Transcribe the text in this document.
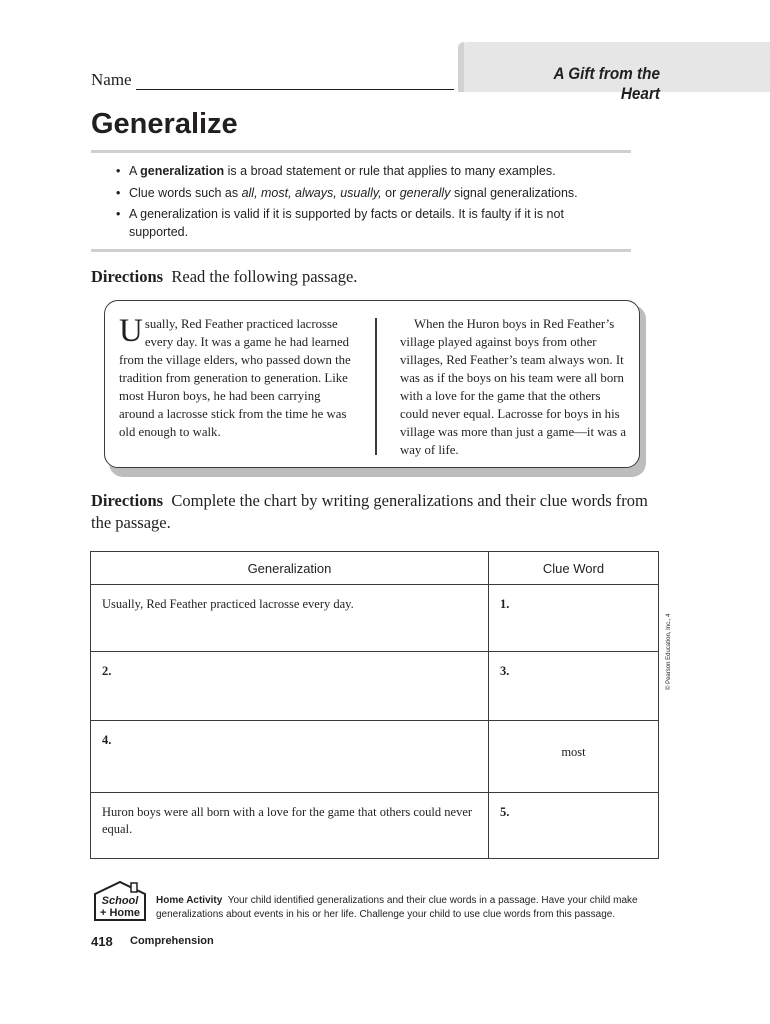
Name	A Gift from the Heart
Generalize
• A generalization is a broad statement or rule that applies to many examples.
• Clue words such as all, most, always, usually, or generally signal generalizations.
• A generalization is valid if it is supported by facts or details. It is faulty if it is not supported.
Directions Read the following passage.
Usually, Red Feather practiced lacrosse every day. It was a game he had learned from the village elders, who passed down the tradition from generation to generation. Like most Huron boys, he had been carrying around a lacrosse stick from the time he was old enough to walk.
When the Huron boys in Red Feather’s village played against boys from other villages, Red Feather’s team always won. It was as if the boys on his team were all born with a love for the game that the others could never equal. Lacrosse for boys in his village was more than just a game—it was a way of life.
Directions Complete the chart by writing generalizations and their clue words from the passage.
Generalization	Clue Word

Usually, Red Feather practiced lacrosse every day.	1.

2.	3.

4.	most

Huron boys were all born with a love for the game that others could never equal.	5.
© Pearson Education, Inc., 4
School
+ Home
Home Activity Your child identified generalizations and their clue words in a passage. Have your child make generalizations about events in his or her life. Challenge your child to use clue words from this passage.
418 Comprehension
